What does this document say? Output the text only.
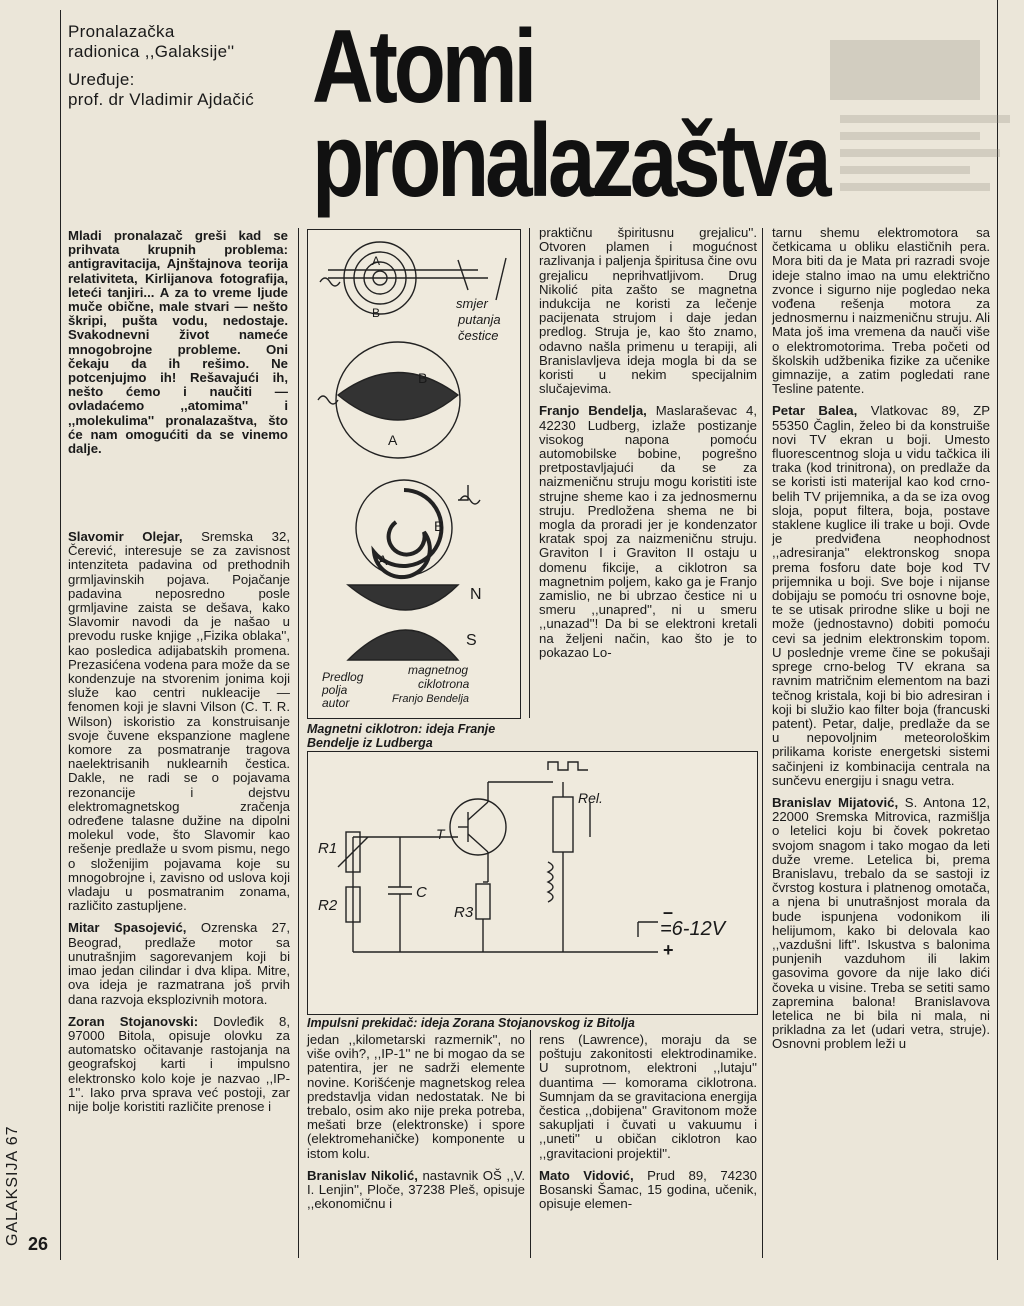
Pronalazačka
radionica ,,Galaksije''
Uređuje:
prof. dr Vladimir Ajdačić Atomi
pronalazaštva
Mladi pronalazač greši kad se prihvata krupnih problema: antigravitacija, Ajnštajnova teorija relativiteta, Kirlijanova fotografija, leteći tanjiri... A za to vreme ljude muče obične, male stvari — nešto škripi, pušta vodu, nedostaje. Svakodnevni život nameće mnogobrojne probleme. Oni čekaju da ih rešimo. Ne potcenjujmo ih! Rešavajući ih, nešto ćemo i naučiti — ovladaćemo ,,atomima'' i ,,molekulima'' pronalazaštva, što će nam omogućiti da se vinemo dalje.

Slavomir Olejar, Sremska 32, Čerević, interesuje se za zavisnost intenziteta padavina od prethodnih grmljavinskih pojava. Pojačanje padavina neposredno posle grmljavine zaista se dešava, kako Slavomir navodi da je našao u prevodu ruske knjige ,,Fizika oblaka'', kao posledica adijabatskih promena. Prezasićena vodena para može da se kondenzuje na stvorenim jonima koji služe kao centri nukleacije — fenomen koji je slavni Vilson (C. T. R. Wilson) iskoristio za konstruisanje svoje čuvene ekspanzione maglene komore za posmatranje tragova naelektrisanih nuklearnih čestica. Dakle, ne radi se o pojavama rezonancije i dejstvu elektromagnetskog zračenja određene talasne dužine na dipolni molekul vode, što Slavomir kao rešenje predlaže u svom pismu, nego o složenijim pojavama koje su mnogobrojne i, zavisno od uslova koji vladaju u posmatranim zonama, različito zastupljene.

Mitar Spasojević, Ozrenska 27, Beograd, predlaže motor sa unutrašnjim sagorevanjem koji bi imao jedan cilindar i dva klipa. Mitre, ova ideja je razmatrana još prvih dana razvoja eksplozivnih motora.

Zoran Stojanovski: Dovleđik 8, 97000 Bitola, opisuje olovku za automatsko očitavanje rastojanja na geografskoj karti i impulsno elektronsko kolo koje je nazvao ,,IP-1''. Iako prva sprava već postoji, zar nije bolje koristiti različite prenose i

A
B
smjer
putanja
čestice
B
A
B
A
N
S
Predlog
polja
autor
magnetnog
ciklotrona
Franjo Bendelja
Magnetni ciklotron: ideja Franje Bendelje iz Ludberga

praktičnu špiritusnu grejalicu''. Otvoren plamen i mogućnost razlivanja i paljenja špiritusa čine ovu grejalicu neprihvatljivom. Drug Nikolić pita zašto se magnetna indukcija ne koristi za lečenje pacijenata strujom i daje jedan predlog. Struja je, kao što znamo, odavno našla primenu u terapiji, ali Branislavljeva ideja mogla bi da se koristi u nekim specijalnim slučajevima.

Franjo Bendelja, Maslaraševac 4, 42230 Ludberg, izlaže postizanje visokog napona pomoću automobilske bobine, pogrešno pretpostavljajući da se za naizmeničnu struju mogu koristiti iste strujne sheme kao i za jednosmernu struju. Predložena shema ne bi mogla da proradi jer je kondenzator kratak spoj za naizmeničnu struju. Graviton I i Graviton II ostaju u domenu fikcije, a ciklotron sa magnetnim poljem, kako ga je Franjo zamislio, ne bi ubrzao čestice ni u smeru ,,unapred'', ni u smeru ,,unazad''! Da bi se elektroni kretali na željeni način, kao što je to pokazao Lo-

R1
R2	R3
C
T
Rel.
–
=6-12V
+
Impulsni prekidač: ideja Zorana Stojanovskog iz Bitolja

jedan ,,kilometarski razmernik'', no više ovih?, ,,IP-1'' ne bi mogao da se patentira, jer ne sadrži elemente novine. Korišćenje magnetskog relea predstavlja vidan nedostatak. Ne bi trebalo, osim ako nije preka potreba, mešati brze (elektronske) i spore (elektromehaničke) komponente u istom kolu.

Branislav Nikolić, nastavnik OŠ ,,V. I. Lenjin'', Ploče, 37238 Pleš, opisuje ,,ekonomičnu i

rens (Lawrence), moraju da se poštuju zakonitosti elektrodinamike. U suprotnom, elektroni ,,lutaju'' duantima — komorama ciklotrona. Sumnjam da se gravitaciona energija čestica ,,dobijena'' Gravitonom može sakupljati i čuvati u vakuumu i ,,uneti'' u običan ciklotron kao ,,gravitacioni projektil''.

Mato Vidović, Prud 89, 74230 Bosanski Šamac, 15 godina, učenik, opisuje elemen-

tarnu shemu elektromotora sa četkicama u obliku elastičnih pera. Mora biti da je Mata pri razradi svoje ideje stalno imao na umu električno zvonce i sigurno nije pogledao neka vođena rešenja motora za jednosmernu i naizmeničnu struju. Ali Mata još ima vremena da nauči više o elektromotorima. Treba početi od školskih udžbenika fizike za učenike gimnazije, a zatim pogledati rane Tesline patente.

Petar Balea, Vlatkovac 89, ZP 55350 Čaglin, želeo bi da konstruiše novi TV ekran u boji. Umesto fluorescentnog sloja u vidu tačkica ili traka (kod trinitrona), on predlaže da se koristi isti materijal kao kod crno-belih TV prijemnika, a da se iza ovog sloja, poput filtera, boja, postave staklene kuglice ili trake u boji. Ovde je predviđena neophodnost ,,adresiranja'' elektronskog snopa prema fosforu date boje kod TV prijemnika u boji. Sve boje i nijanse dobijaju se pomoću tri osnovne boje, te se utisak prirodne slike u boji ne može (jednostavno) dobiti pomoću cevi sa jednim elektronskim topom. U poslednje vreme čine se pokušaji sprege crno-belog TV ekrana sa ravnim matričnim elementom na bazi tečnog kristala, koji bi bio adresiran i koji bi služio kao filter boja (francuski patent). Petar, dalje, predlaže da se u nepovoljnim meteorološkim prilikama koriste energetski sistemi sačinjeni iz kombinacija centrala na sunčevu energiju i snagu vetra.

Branislav Mijatović, S. Antona 12, 22000 Sremska Mitrovica, razmišlja o letelici koju bi čovek pokretao svojom snagom i tako mogao da leti duže vreme. Letelica bi, prema Branislavu, trebalo da se sastoji iz čvrstog kostura i platnenog omotača, a njena bi unutrašnjost morala da bude ispunjena vodonikom ili helijumom, kako bi delovala kao ,,vazdušni lift''. Iskustva s balonima punjenih vazduhom ili lakim gasovima govore da nije lako dići čoveka u visine. Treba se setiti samo zapremina balona! Branislavova letelica ne bi bila ni mala, ni prikladna za let (udari vetra, struje). Osnovni problem leži u

GALAKSIJA 67 26
